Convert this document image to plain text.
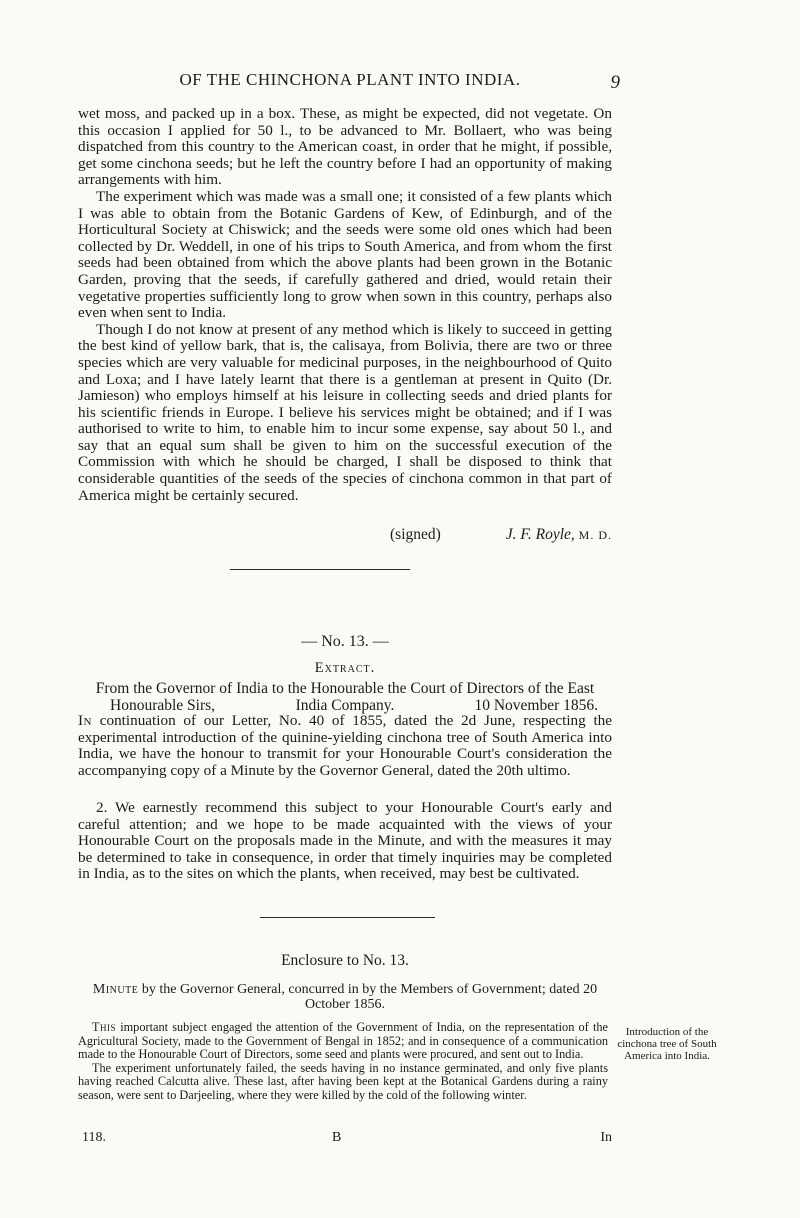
OF THE CHINCHONA PLANT INTO INDIA.	9

wet moss, and packed up in a box. These, as might be expected, did not vegetate. On this occasion I applied for 50 l., to be advanced to Mr. Bollaert, who was being dispatched from this country to the American coast, in order that he might, if possible, get some cinchona seeds; but he left the country before I had an opportunity of making arrangements with him.

The experiment which was made was a small one; it consisted of a few plants which I was able to obtain from the Botanic Gardens of Kew, of Edinburgh, and of the Horticultural Society at Chiswick; and the seeds were some old ones which had been collected by Dr. Weddell, in one of his trips to South America, and from whom the first seeds had been obtained from which the above plants had been grown in the Botanic Garden, proving that the seeds, if carefully gathered and dried, would retain their vegetative properties sufficiently long to grow when sown in this country, perhaps also even when sent to India.

Though I do not know at present of any method which is likely to succeed in getting the best kind of yellow bark, that is, the calisaya, from Bolivia, there are two or three species which are very valuable for medicinal purposes, in the neighbourhood of Quito and Loxa; and I have lately learnt that there is a gentleman at present in Quito (Dr. Jamieson) who employs himself at his leisure in collecting seeds and dried plants for his scientific friends in Europe. I believe his services might be obtained; and if I was authorised to write to him, to enable him to incur some expense, say about 50 l., and say that an equal sum shall be given to him on the successful execution of the Commission with which he should be charged, I shall be disposed to think that considerable quantities of the seeds of the species of cinchona common in that part of America might be certainly secured.

(signed)	J. F. Royle, M. D.
— No. 13. —
Extract.
From the Governor of India to the Honourable the Court of Directors of the East India Company.
Honourable Sirs,	10 November 1856.

In continuation of our Letter, No. 40 of 1855, dated the 2d June, respecting the experimental introduction of the quinine-yielding cinchona tree of South America into India, we have the honour to transmit for your Honourable Court's consideration the accompanying copy of a Minute by the Governor General, dated the 20th ultimo.

2. We earnestly recommend this subject to your Honourable Court's early and careful attention; and we hope to be made acquainted with the views of your Honourable Court on the proposals made in the Minute, and with the measures it may be determined to take in consequence, in order that timely inquiries may be completed in India, as to the sites on which the plants, when received, may best be cultivated.

Enclosure to No. 13.
Minute by the Governor General, concurred in by the Members of Government; dated 20 October 1856.

This important subject engaged the attention of the Government of India, on the representation of the Agricultural Society, made to the Government of Bengal in 1852; and in consequence of a communication made to the Honourable Court of Directors, some seed and plants were procured, and sent out to India.

The experiment unfortunately failed, the seeds having in no instance germinated, and only five plants having reached Calcutta alive. These last, after having been kept at the Botanical Gardens during a rainy season, were sent to Darjeeling, where they were killed by the cold of the following winter.

Introduction of the cinchona tree of South America into India.
118.	B	In
